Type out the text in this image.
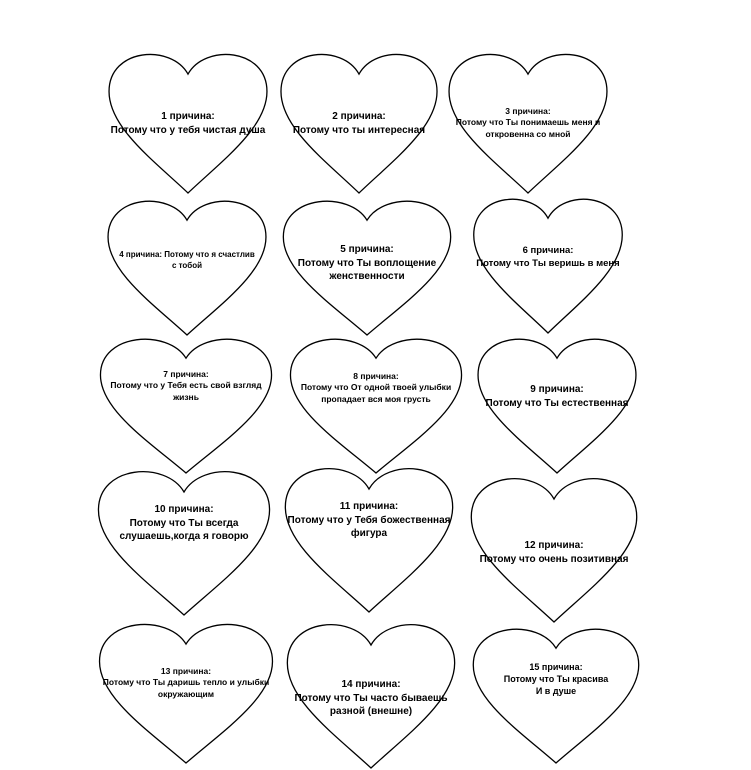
1 причина:
Потому что у тебя чистая душа
2 причина:
Потому что ты интересная
3 причина:
Потому что Ты понимаешь меня и
откровенна со мной
4 причина: Потому что я счастлив
с тобой
5 причина:
Потому что Ты воплощение
женственности
6 причина:
Потому что Ты веришь в меня
7 причина:
Потому что у Тебя есть свой взгляд
жизнь
8 причина:
Потому что От одной твоей улыбки
пропадает вся моя грусть
9 причина:
Потому что Ты естественная
10 причина:
Потому что Ты всегда
слушаешь,когда я говорю
11 причина:
Потому что у Тебя божественная
фигура
12 причина:
Потому что очень позитивная
13 причина:
Потому что Ты даришь тепло и улыбки
окружающим
14 причина:
Потому что Ты часто бываешь
разной (внешне)
15 причина:
Потому что Ты красива
И в душе
